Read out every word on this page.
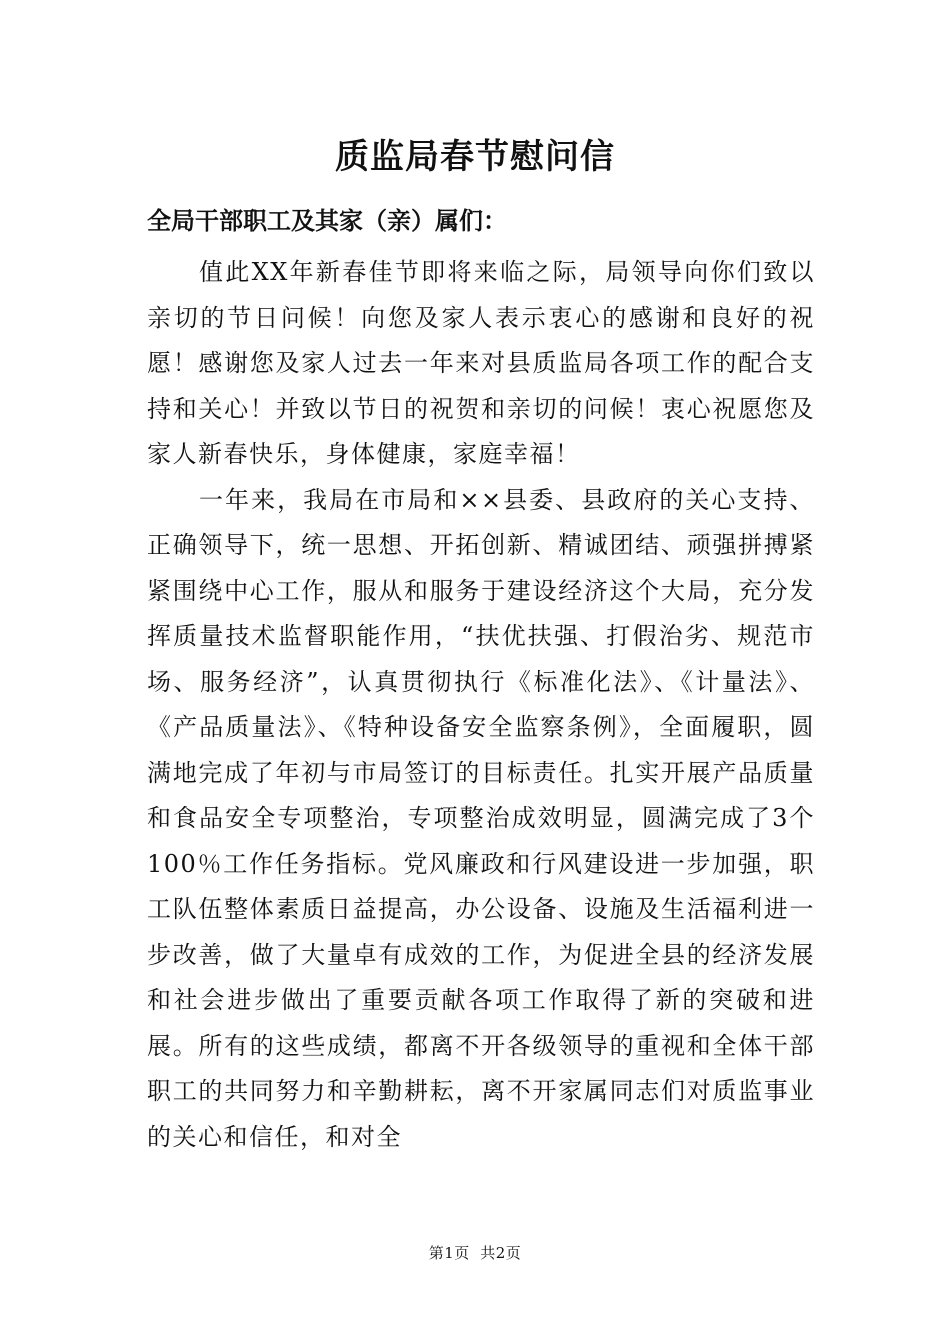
质监局春节慰问信

全局干部职工及其家（亲）属们：

值此XX年新春佳节即将来临之际，局领导向你们致以亲切的节日问候！向您及家人表示衷心的感谢和良好的祝愿！感谢您及家人过去一年来对县质监局各项工作的配合支持和关心！并致以节日的祝贺和亲切的问候！衷心祝愿您及家人新春快乐，身体健康，家庭幸福！

一年来，我局在市局和××县委、县政府的关心支持、正确领导下，统一思想、开拓创新、精诚团结、顽强拼搏紧紧围绕中心工作，服从和服务于建设经济这个大局，充分发挥质量技术监督职能作用，“扶优扶强、打假治劣、规范市场、服务经济”，认真贯彻执行《标准化法》、《计量法》、《产品质量法》、《特种设备安全监察条例》，全面履职，圆满地完成了年初与市局签订的目标责任。扎实开展产品质量和食品安全专项整治，专项整治成效明显，圆满完成了3个100％工作任务指标。党风廉政和行风建设进一步加强，职工队伍整体素质日益提高，办公设备、设施及生活福利进一步改善，做了大量卓有成效的工作，为促进全县的经济发展和社会进步做出了重要贡献各项工作取得了新的突破和进展。所有的这些成绩，都离不开各级领导的重视和全体干部职工的共同努力和辛勤耕耘，离不开家属同志们对质监事业的关心和信任，和对全

第1页  共2页
